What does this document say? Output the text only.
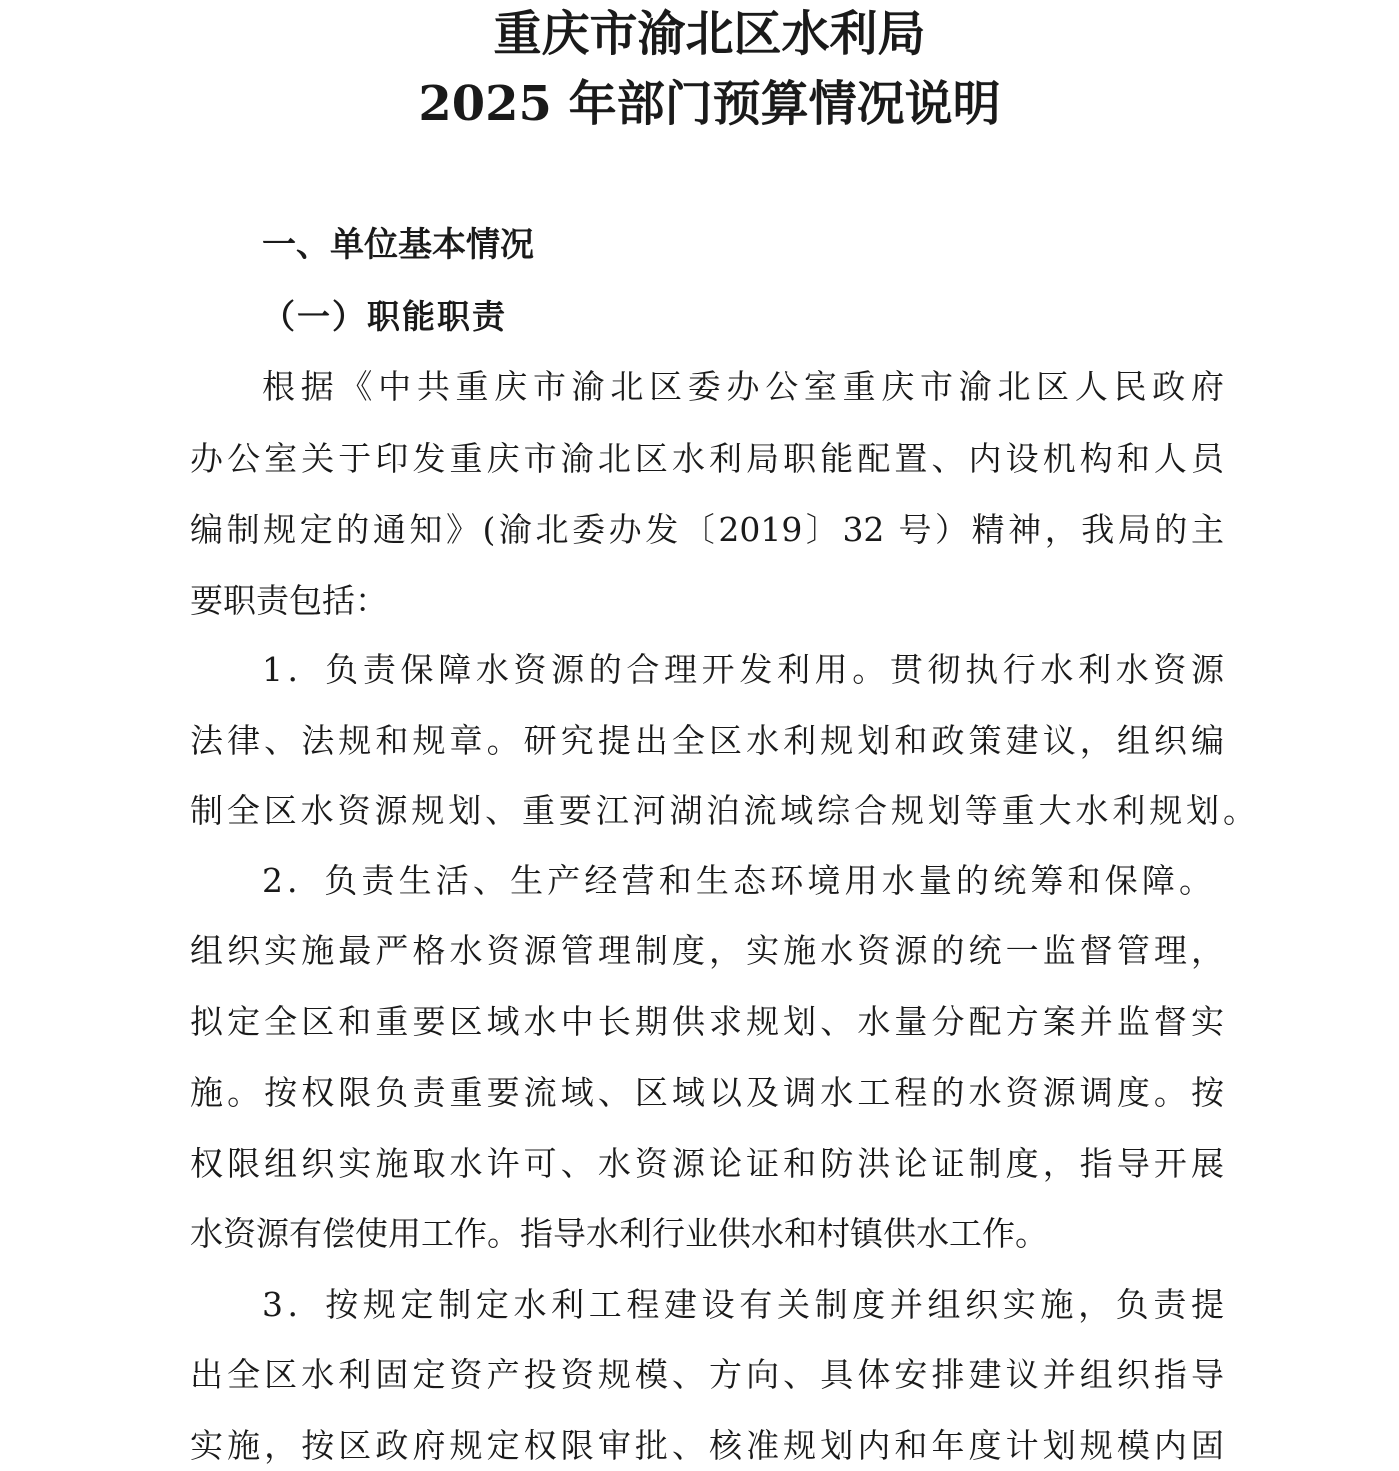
重庆市渝北区水利局
2025 年部门预算情况说明
一、单位基本情况
（一）职能职责

根据《中共重庆市渝北区委办公室重庆市渝北区人民政府

办公室关于印发重庆市渝北区水利局职能配置、内设机构和人员

编制规定的通知》(渝北委办发〔2019〕32 号）精神，我局的主

要职责包括：

1．负责保障水资源的合理开发利用。贯彻执行水利水资源

法律、法规和规章。研究提出全区水利规划和政策建议，组织编

制全区水资源规划、重要江河湖泊流域综合规划等重大水利规划。

2．负责生活、生产经营和生态环境用水量的统筹和保障。

组织实施最严格水资源管理制度，实施水资源的统一监督管理，

拟定全区和重要区域水中长期供求规划、水量分配方案并监督实

施。按权限负责重要流域、区域以及调水工程的水资源调度。按

权限组织实施取水许可、水资源论证和防洪论证制度，指导开展

水资源有偿使用工作。指导水利行业供水和村镇供水工作。

3．按规定制定水利工程建设有关制度并组织实施，负责提

出全区水利固定资产投资规模、方向、具体安排建议并组织指导

实施，按区政府规定权限审批、核准规划内和年度计划规模内固
